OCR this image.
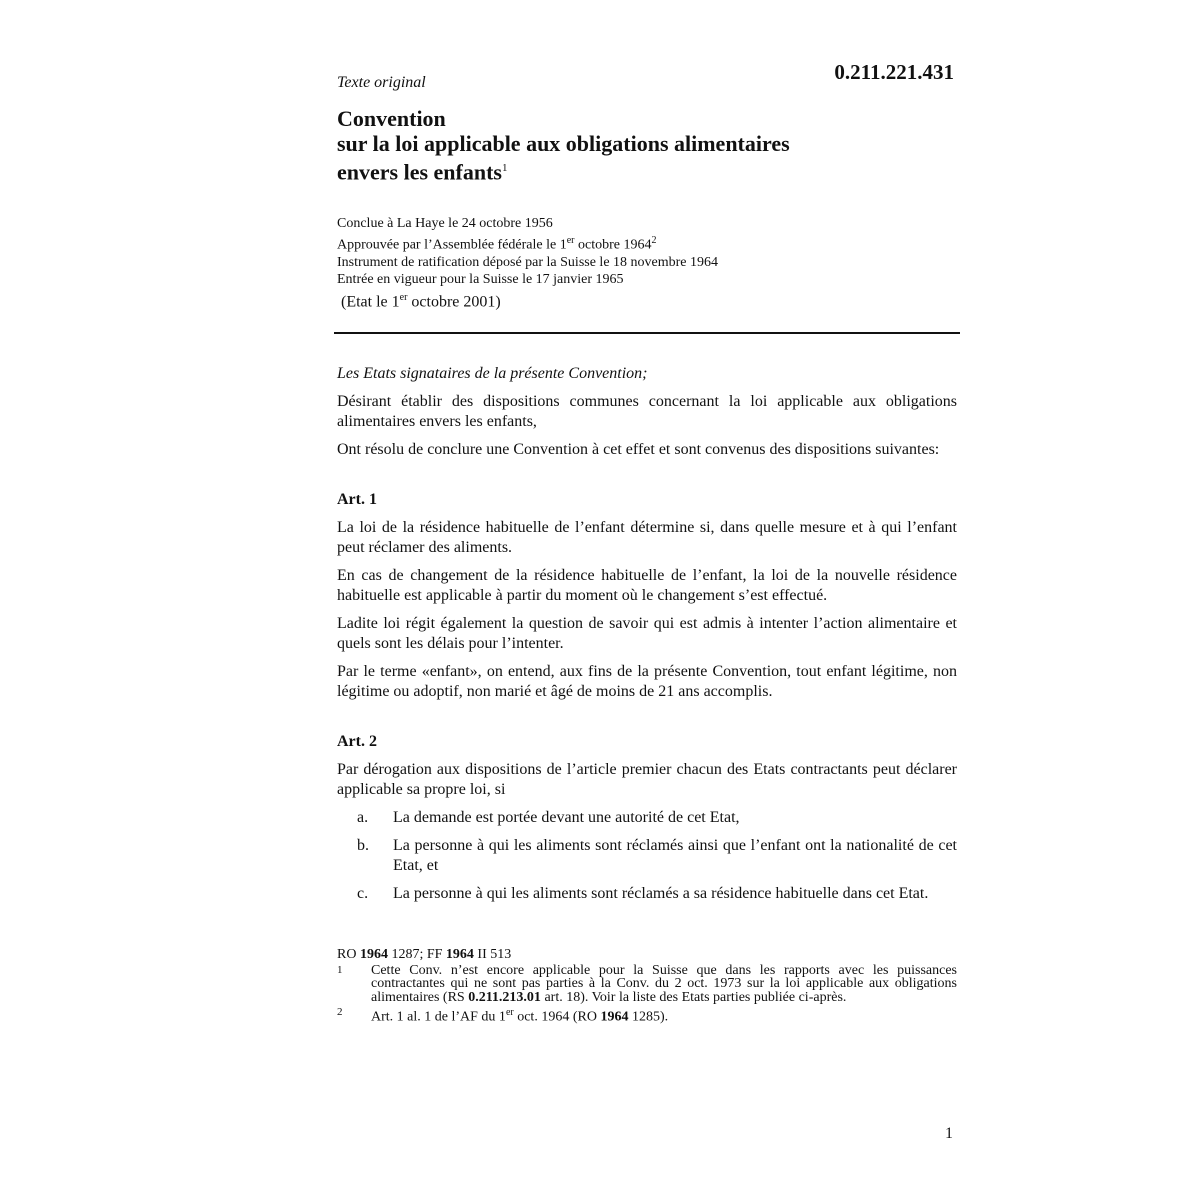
0.211.221.431
Texte original
Convention
sur la loi applicable aux obligations alimentaires
envers les enfants$^1$
Conclue à La Haye le 24 octobre 1956
Approuvée par l’Assemblée fédérale le 1er octobre 1964$^2$
Instrument de ratification déposé par la Suisse le 18 novembre 1964
Entrée en vigueur pour la Suisse le 17 janvier 1965
(Etat le 1er octobre 2001)
Les Etats signataires de la présente Convention;

Désirant établir des dispositions communes concernant la loi applicable aux obligations alimentaires envers les enfants,

Ont résolu de conclure une Convention à cet effet et sont convenus des dispositions suivantes:

Art. 1

La loi de la résidence habituelle de l’enfant détermine si, dans quelle mesure et à qui l’enfant peut réclamer des aliments.

En cas de changement de la résidence habituelle de l’enfant, la loi de la nouvelle résidence habituelle est applicable à partir du moment où le changement s’est effectué.

Ladite loi régit également la question de savoir qui est admis à intenter l’action alimentaire et quels sont les délais pour l’intenter.

Par le terme «enfant», on entend, aux fins de la présente Convention, tout enfant légitime, non légitime ou adoptif, non marié et âgé de moins de 21 ans accomplis.

Art. 2

Par dérogation aux dispositions de l’article premier chacun des Etats contractants peut déclarer applicable sa propre loi, si

a.	La demande est portée devant une autorité de cet Etat,
b.	La personne à qui les aliments sont réclamés ainsi que l’enfant ont la nationalité de cet Etat, et
c.	La personne à qui les aliments sont réclamés a sa résidence habituelle dans cet Etat.
RO 1964 1287; FF 1964 II 513
1	Cette Conv. n’est encore applicable pour la Suisse que dans les rapports avec les puissances contractantes qui ne sont pas parties à la Conv. du 2 oct. 1973 sur la loi applicable aux obligations alimentaires (RS 0.211.213.01 art. 18). Voir la liste des Etats parties publiée ci-après.
2	Art. 1 al. 1 de l’AF du 1er oct. 1964 (RO 1964 1285).
1
